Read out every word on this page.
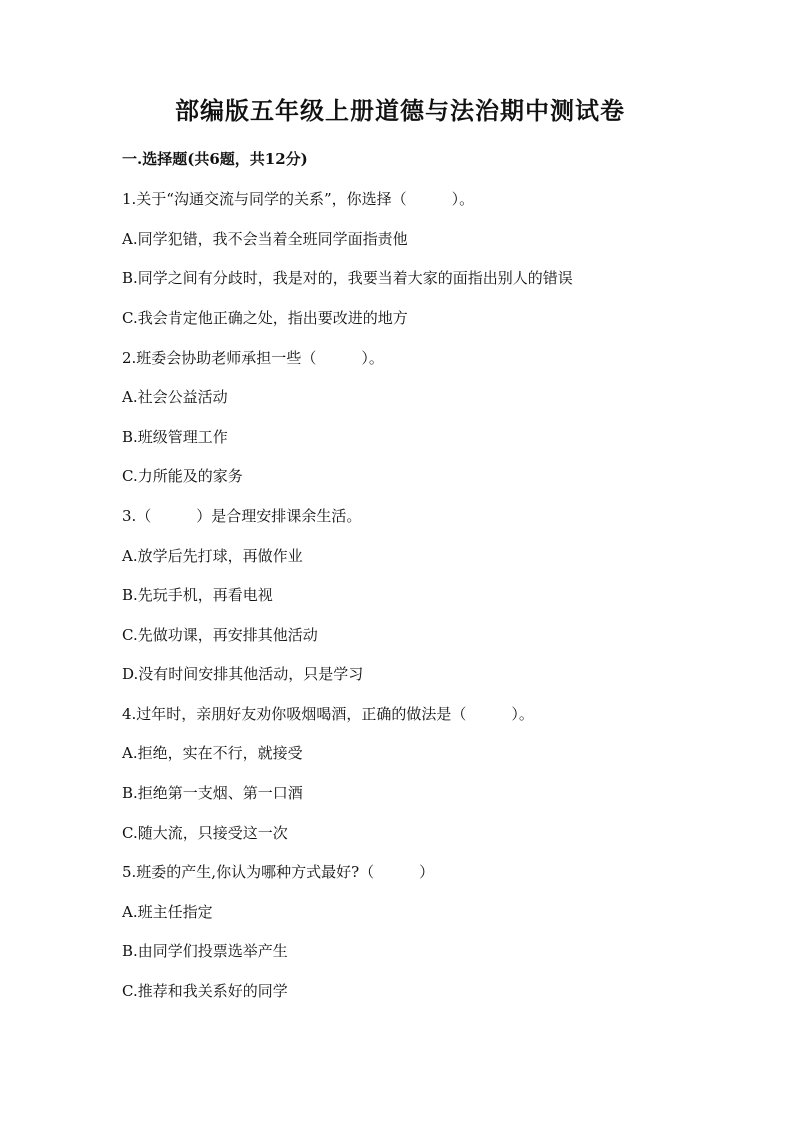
部编版五年级上册道德与法治期中测试卷
一.选择题(共6题，共12分)
1.关于“沟通交流与同学的关系”，你选择（　　　）。
A.同学犯错，我不会当着全班同学面指责他
B.同学之间有分歧时，我是对的，我要当着大家的面指出别人的错误
C.我会肯定他正确之处，指出要改进的地方
2.班委会协助老师承担一些（　　　）。
A.社会公益活动
B.班级管理工作
C.力所能及的家务
3.（　　　）是合理安排课余生活。
A.放学后先打球，再做作业
B.先玩手机，再看电视
C.先做功课，再安排其他活动
D.没有时间安排其他活动，只是学习
4.过年时，亲朋好友劝你吸烟喝酒，正确的做法是（　　　）。
A.拒绝，实在不行，就接受
B.拒绝第一支烟、第一口酒
C.随大流，只接受这一次
5.班委的产生,你认为哪种方式最好?（　　　）
A.班主任指定
B.由同学们投票选举产生
C.推荐和我关系好的同学
